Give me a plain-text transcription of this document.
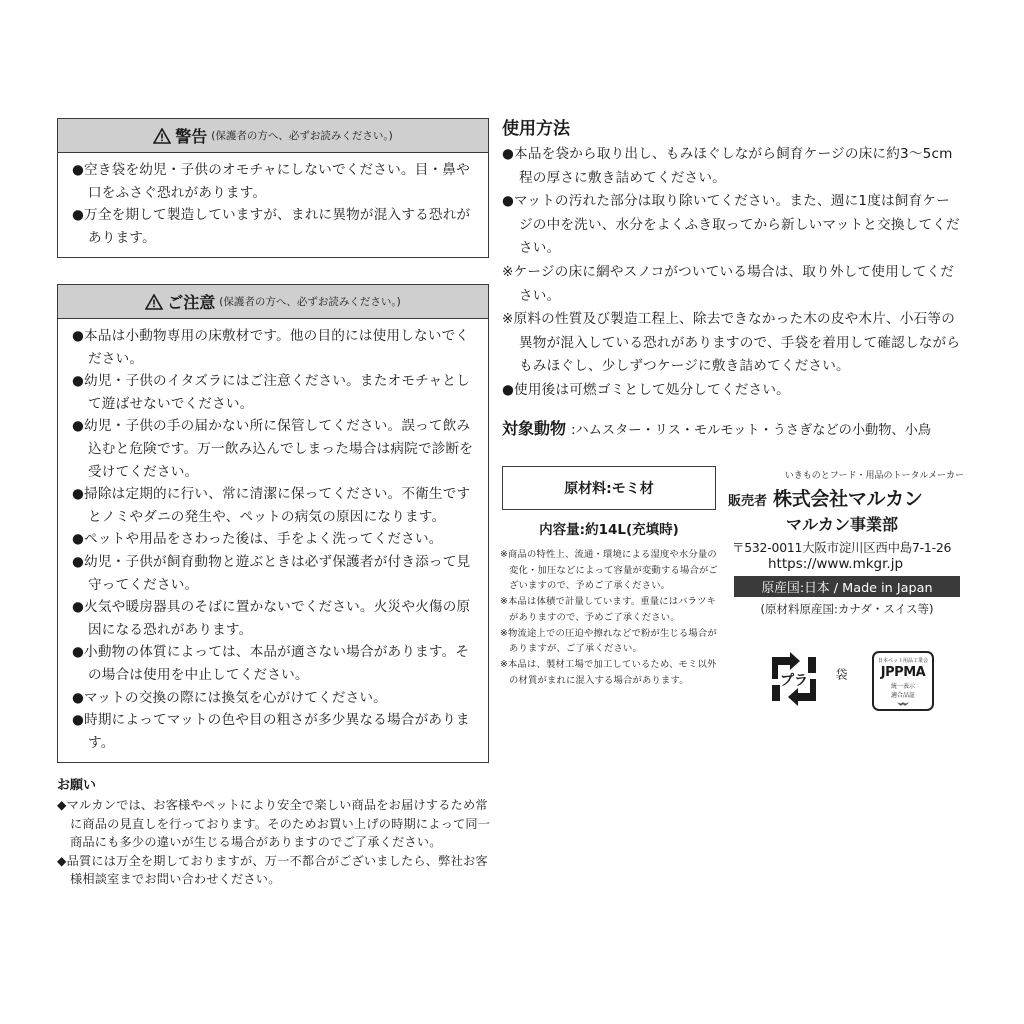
警告 (保護者の方へ、必ずお読みください。)
●空き袋を幼児・子供のオモチャにしないでください。目・鼻や口をふさぐ恐れがあります。
●万全を期して製造していますが、まれに異物が混入する恐れがあります。
ご注意 (保護者の方へ、必ずお読みください。)
●本品は小動物専用の床敷材です。他の目的には使用しないでください。
●幼児・子供のイタズラにはご注意ください。またオモチャとして遊ばせないでください。
●幼児・子供の手の届かない所に保管してください。誤って飲み込むと危険です。万一飲み込んでしまった場合は病院で診断を受けてください。
●掃除は定期的に行い、常に清潔に保ってください。不衛生ですとノミやダニの発生や、ペットの病気の原因になります。
●ペットや用品をさわった後は、手をよく洗ってください。
●幼児・子供が飼育動物と遊ぶときは必ず保護者が付き添って見守ってください。
●火気や暖房器具のそばに置かないでください。火災や火傷の原因になる恐れがあります。
●小動物の体質によっては、本品が適さない場合があります。その場合は使用を中止してください。
●マットの交換の際には換気を心がけてください。
●時期によってマットの色や目の粗さが多少異なる場合があります。
お願い
◆マルカンでは、お客様やペットにより安全で楽しい商品をお届けするため常に商品の見直しを行っております。そのためお買い上げの時期によって同一商品にも多少の違いが生じる場合がありますのでご了承ください。
◆品質には万全を期しておりますが、万一不都合がございましたら、弊社お客様相談室までお問い合わせください。
使用方法
●本品を袋から取り出し、もみほぐしながら飼育ケージの床に約3〜5cm程の厚さに敷き詰めてください。
●マットの汚れた部分は取り除いてください。また、週に1度は飼育ケージの中を洗い、水分をよくふき取ってから新しいマットと交換してください。
※ケージの床に網やスノコがついている場合は、取り外して使用してください。
※原料の性質及び製造工程上、除去できなかった木の皮や木片、小石等の異物が混入している恐れがありますので、手袋を着用して確認しながらもみほぐし、少しずつケージに敷き詰めてください。
●使用後は可燃ゴミとして処分してください。
対象動物 :ハムスター・リス・モルモット・うさぎなどの小動物、小鳥
原材料:モミ材
内容量:約14L(充填時)
※商品の特性上、流通・環境による湿度や水分量の変化・加圧などによって容量が変動する場合がございますので、予めご了承ください。
※本品は体積で計量しています。重量にはバラツキがありますので、予めご了承ください。
※物流途上での圧迫や擦れなどで粉が生じる場合がありますが、ご了承ください。
※本品は、製材工場で加工しているため、モミ以外の材質がまれに混入する場合があります。
いきものとフード・用品のトータルメーカー
販売者 株式会社マルカン
マルカン事業部
〒532-0011大阪市淀川区西中島7-1-26
https://www.mkgr.jp
原産国:日本 / Made in Japan
(原材料原産国:カナダ・スイス等)
プラ 袋
日本ペット用品工業会
JPPMA
統一表示
適合品証
